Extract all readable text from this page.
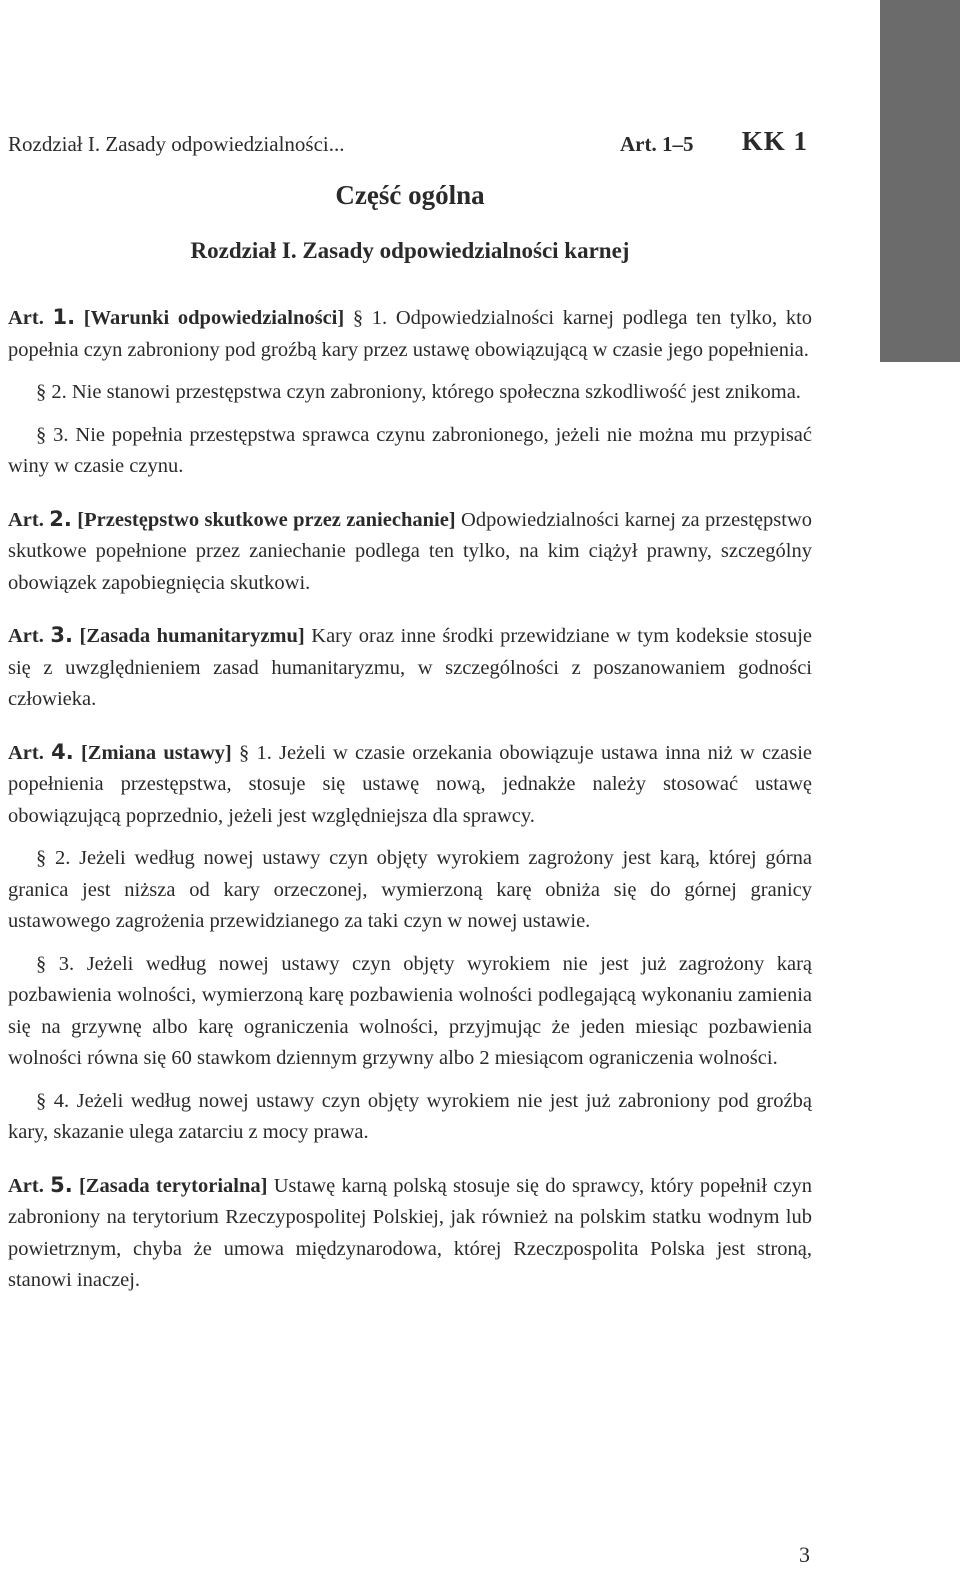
Rozdział I. Zasady odpowiedzialności...	Art. 1–5 KK 1
Część ogólna
Rozdział I. Zasady odpowiedzialności karnej

Art. 1. [Warunki odpowiedzialności] § 1. Odpowiedzialności karnej podlega ten tylko, kto popełnia czyn zabroniony pod groźbą kary przez ustawę obowiązującą w czasie jego popełnienia.

§ 2. Nie stanowi przestępstwa czyn zabroniony, którego społeczna szkodliwość jest znikoma.

§ 3. Nie popełnia przestępstwa sprawca czynu zabronionego, jeżeli nie można mu przypisać winy w czasie czynu.

Art. 2. [Przestępstwo skutkowe przez zaniechanie] Odpowiedzialności karnej za przestępstwo skutkowe popełnione przez zaniechanie podlega ten tylko, na kim ciążył prawny, szczególny obowiązek zapobiegnięcia skutkowi.

Art. 3. [Zasada humanitaryzmu] Kary oraz inne środki przewidziane w tym kodeksie stosuje się z uwzględnieniem zasad humanitaryzmu, w szczególności z poszanowaniem godności człowieka.

Art. 4. [Zmiana ustawy] § 1. Jeżeli w czasie orzekania obowiązuje ustawa inna niż w czasie popełnienia przestępstwa, stosuje się ustawę nową, jednakże należy stosować ustawę obowiązującą poprzednio, jeżeli jest względniejsza dla sprawcy.

§ 2. Jeżeli według nowej ustawy czyn objęty wyrokiem zagrożony jest karą, której górna granica jest niższa od kary orzeczonej, wymierzoną karę obniża się do górnej granicy ustawowego zagrożenia przewidzianego za taki czyn w nowej ustawie.

§ 3. Jeżeli według nowej ustawy czyn objęty wyrokiem nie jest już zagrożony karą pozbawienia wolności, wymierzoną karę pozbawienia wolności podlegającą wykonaniu zamienia się na grzywnę albo karę ograniczenia wolności, przyjmując że jeden miesiąc pozbawienia wolności równa się 60 stawkom dziennym grzywny albo 2 miesiącom ograniczenia wolności.

§ 4. Jeżeli według nowej ustawy czyn objęty wyrokiem nie jest już zabroniony pod groźbą kary, skazanie ulega zatarciu z mocy prawa.

Art. 5. [Zasada terytorialna] Ustawę karną polską stosuje się do sprawcy, który popełnił czyn zabroniony na terytorium Rzeczypospolitej Polskiej, jak również na polskim statku wodnym lub powietrznym, chyba że umowa międzynarodowa, której Rzeczpospolita Polska jest stroną, stanowi inaczej.

3
